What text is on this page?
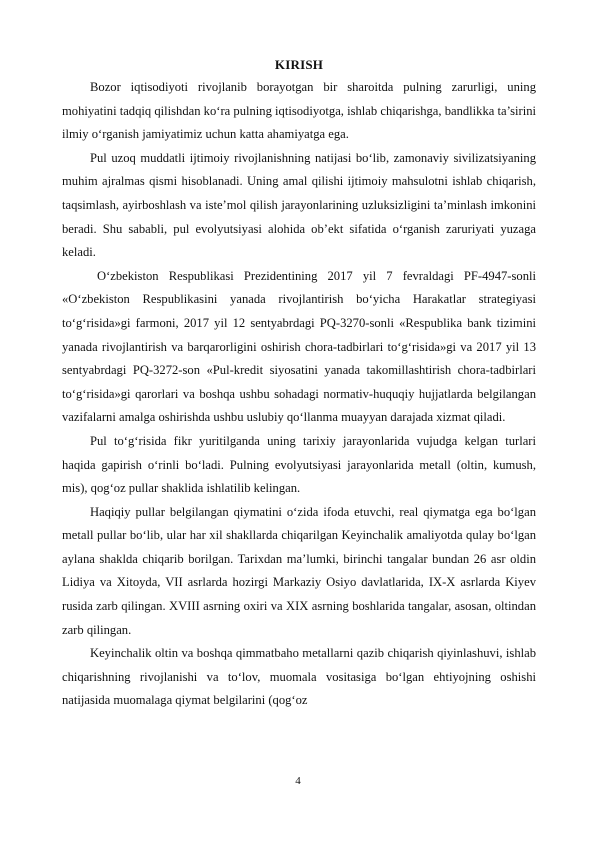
KIRISH

Bozor iqtisodiyoti rivojlanib borayotgan bir sharoitda pulning zarurligi, uning mohiyatini tadqiq qilishdan ko‘ra pulning iqtisodiyotga, ishlab chiqarishga, bandlikka ta’sirini ilmiy o‘rganish jamiyatimiz uchun katta ahamiyatga ega.

Pul uzoq muddatli ijtimoiy rivojlanishning natijasi bo‘lib, zamonaviy sivilizatsiyaning muhim ajralmas qismi hisoblanadi. Uning amal qilishi ijtimoiy mahsulotni ishlab chiqarish, taqsimlash, ayirboshlash va iste’mol qilish jarayonlarining uzluksizligini ta’minlash imkonini beradi. Shu sababli, pul evolyutsiyasi alohida ob’ekt sifatida o‘rganish zaruriyati yuzaga keladi.

O‘zbekiston Respublikasi Prezidentining 2017 yil 7 fevraldagi PF-4947-sonli «O‘zbekiston Respublikasini yanada rivojlantirish bo‘yicha Harakatlar strategiyasi to‘g‘risida»gi farmoni, 2017 yil 12 sentyabrdagi PQ-3270-sonli «Respublika bank tizimini yanada rivojlantirish va barqarorligini oshirish chora-tadbirlari to‘g‘risida»gi va 2017 yil 13 sentyabrdagi PQ-3272-son «Pul-kredit siyosatini yanada takomillashtirish chora-tadbirlari to‘g‘risida»gi qarorlari va boshqa ushbu sohadagi normativ-huquqiy hujjatlarda belgilangan vazifalarni amalga oshirishda ushbu uslubiy qo‘llanma muayyan darajada xizmat qiladi.

Pul to‘g‘risida fikr yuritilganda uning tarixiy jarayonlarida vujudga kelgan turlari haqida gapirish o‘rinli bo‘ladi. Pulning evolyutsiyasi jarayonlarida metall (oltin, kumush, mis), qog‘oz pullar shaklida ishlatilib kelingan.

Haqiqiy pullar belgilangan qiymatini o‘zida ifoda etuvchi, real qiymatga ega bo‘lgan metall pullar bo‘lib, ular har xil shakllarda chiqarilgan Keyinchalik amaliyotda qulay bo‘lgan aylana shaklda chiqarib borilgan. Tarixdan ma’lumki, birinchi tangalar bundan 26 asr oldin Lidiya va Xitoyda, VII asrlarda hozirgi Markaziy Osiyo davlatlarida, IX-X asrlarda Kiyev rusida zarb qilingan. XVIII asrning oxiri va XIX asrning boshlarida tangalar, asosan, oltindan zarb qilingan.

Keyinchalik oltin va boshqa qimmatbaho metallarni qazib chiqarish qiyinlashuvi, ishlab chiqarishning rivojlanishi va to‘lov, muomala vositasiga bo‘lgan ehtiyojning oshishi natijasida muomalaga qiymat belgilarini (qog‘oz

4
